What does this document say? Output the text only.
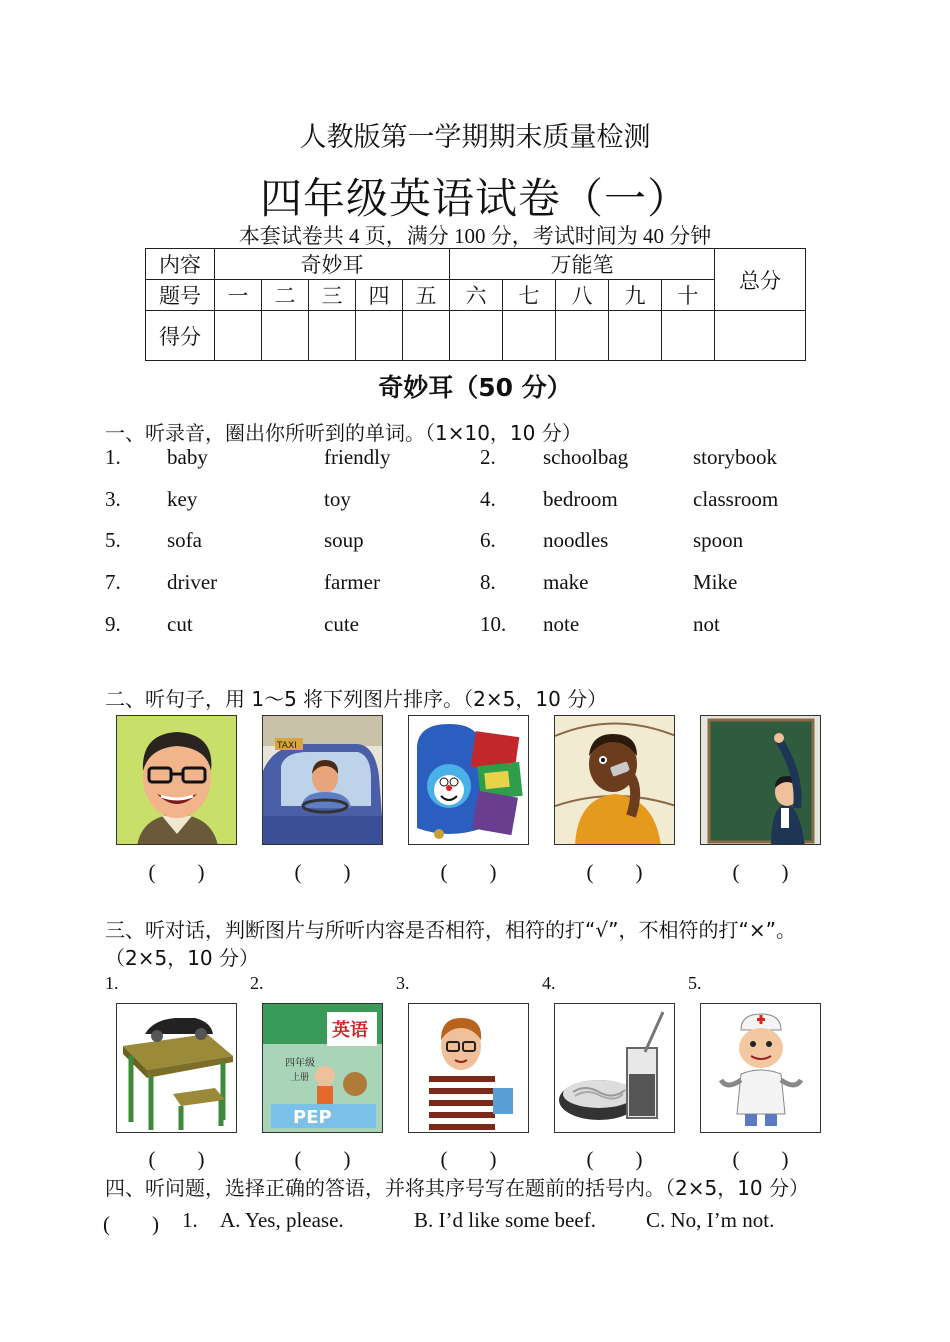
人教版第一学期期末质量检测
四年级英语试卷（一）
本套试卷共 4 页，满分 100 分，考试时间为 40 分钟
内容	奇妙耳					万能笔					总分
题号	一	二	三	四	五	六	七	八	九	十	
得分											
奇妙耳（50 分）
一、听录音，圈出你所听到的单词。（1×10，10 分）
1. baby	friendly	2. schoolbag	storybook
3. key	toy	4. bedroom	classroom
5. sofa	soup	6. noodles	spoon
7. driver	farmer	8. make	Mike
9. cut	cute	10. note	not
二、听句子，用 1～5 将下列图片排序。（2×5，10 分）
TAXI
(　　)	(　　)	(　　)	(　　)	(　　)
三、听对话，判断图片与所听内容是否相符，相符的打“√”，不相符的打“×”。
（2×5，10 分）
1.	2.	3.	4.	5.
英语
四年级
上册
PEP
(　　)	(　　)	(　　)	(　　)	(　　)
四、听问题，选择正确的答语，并将其序号写在题前的括号内。（2×5，10 分）
(　　) 1. A. Yes, please.	B. I’d like some beef. C. No, I’m not.
